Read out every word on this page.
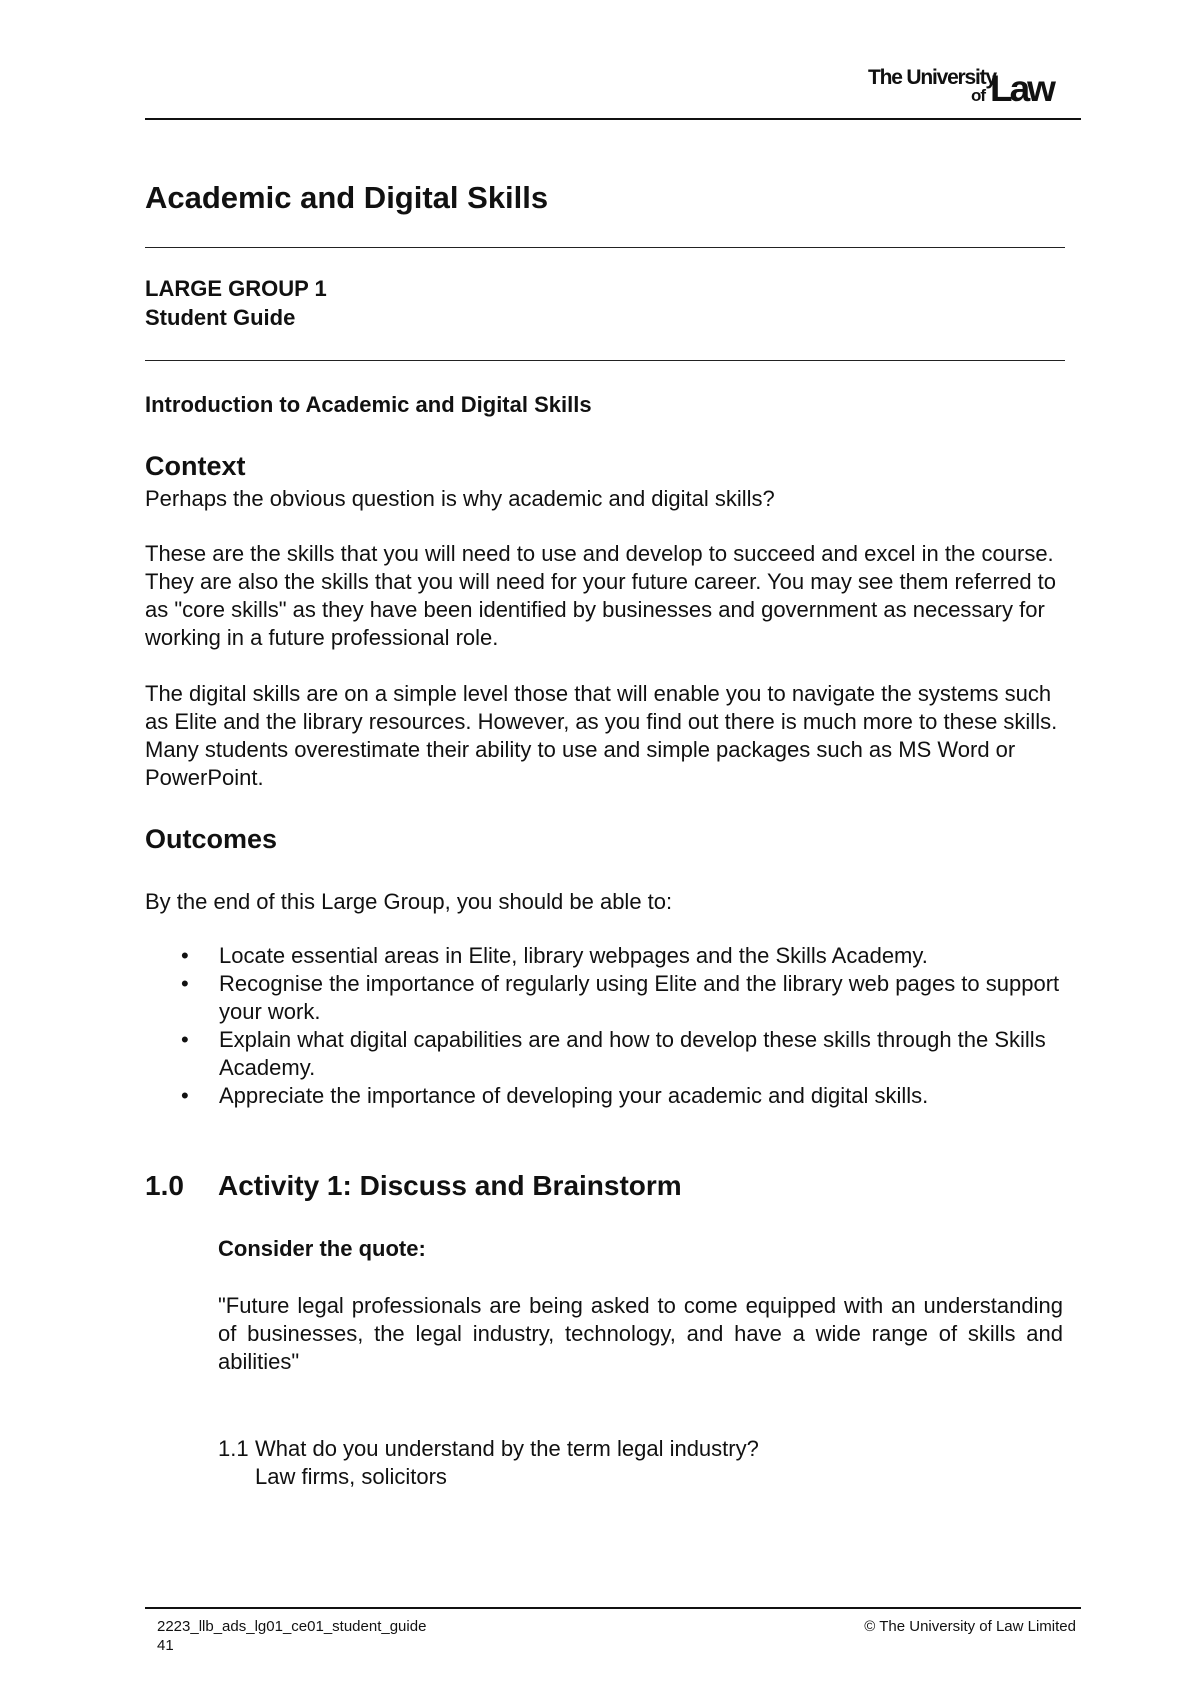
The University
of Law
Academic and Digital Skills
LARGE GROUP 1
Student Guide
Introduction to Academic and Digital Skills
Context
Perhaps the obvious question is why academic and digital skills?
These are the skills that you will need to use and develop to succeed and excel in the course. They are also the skills that you will need for your future career. You may see them referred to as "core skills" as they have been identified by businesses and government as necessary for working in a future professional role.
The digital skills are on a simple level those that will enable you to navigate the systems such as Elite and the library resources. However, as you find out there is much more to these skills. Many students overestimate their ability to use and simple packages such as MS Word or PowerPoint.
Outcomes
By the end of this Large Group, you should be able to:
• Locate essential areas in Elite, library webpages and the Skills Academy.
• Recognise the importance of regularly using Elite and the library web pages to support your work.
• Explain what digital capabilities are and how to develop these skills through the Skills Academy.
• Appreciate the importance of developing your academic and digital skills.
1.0 Activity 1: Discuss and Brainstorm
Consider the quote:
"Future legal professionals are being asked to come equipped with an understanding of businesses, the legal industry, technology, and have a wide range of skills and abilities"
1.1 What do you understand by the term legal industry?
Law firms, solicitors
2223_llb_ads_lg01_ce01_student_guide
41
© The University of Law Limited
